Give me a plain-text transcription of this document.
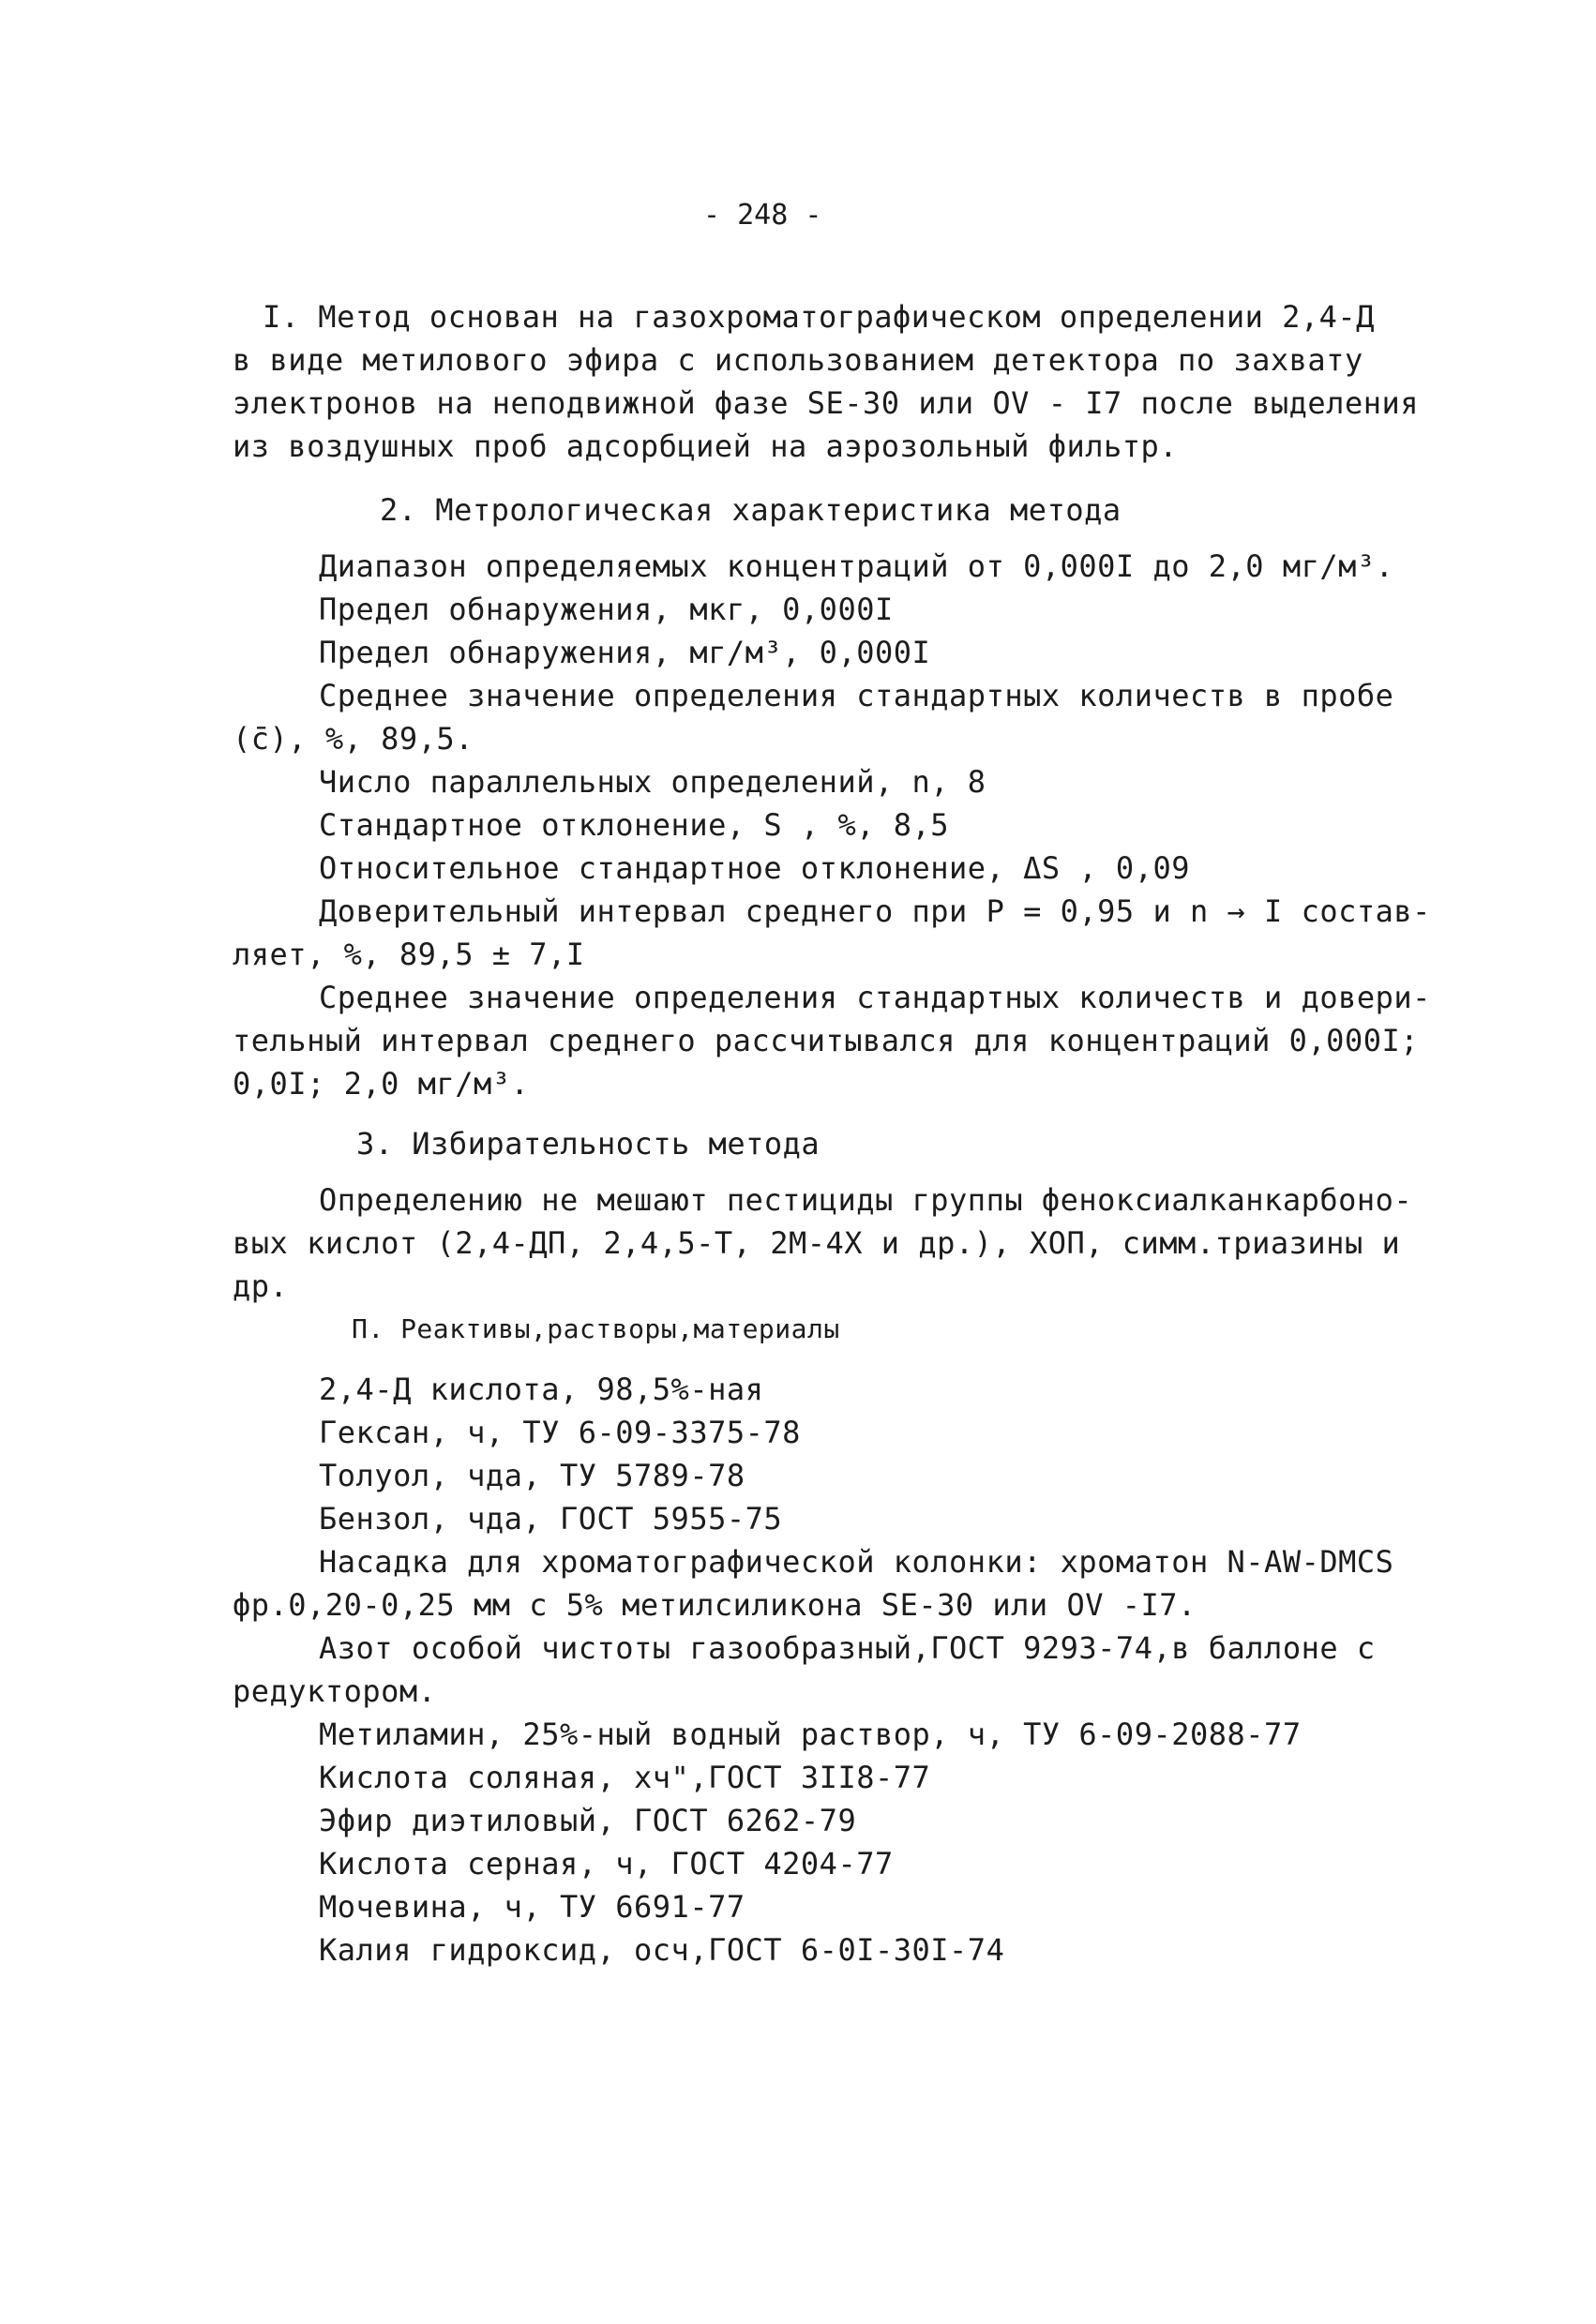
- 248 -
I. Метод основан на газохроматографическом определении 2,4-Д
в виде метилового эфира с использованием детектора по захвату
электронов на неподвижной фазе SE-30 или OV - I7 после выделения
из воздушных проб адсорбцией на аэрозольный фильтр.
2. Метрологическая характеристика метода
Диапазон определяемых концентраций от 0,000I до 2,0 мг/м³.
Предел обнаружения, мкг, 0,000I
Предел обнаружения, мг/м³, 0,000I
Среднее значение определения стандартных количеств в пробе
(c̄), %, 89,5.
Число параллельных определений, n, 8
Стандартное отклонение, S , %, 8,5
Относительное стандартное отклонение, ΔS , 0,09
Доверительный интервал среднего при P = 0,95 и n → I состав-
ляет, %, 89,5 ± 7,I
Среднее значение определения стандартных количеств и довери-
тельный интервал среднего рассчитывался для концентраций 0,000I;
0,0I; 2,0 мг/м³.
3. Избирательность метода
Определению не мешают пестициды группы феноксиалканкарбоно-
вых кислот (2,4-ДП, 2,4,5-Т, 2М-4Х и др.), ХОП, симм.триазины и
др.
П. Реактивы,растворы,материалы
2,4-Д кислота, 98,5%-ная
Гексан, ч, ТУ 6-09-3375-78
Толуол, чда, ТУ 5789-78
Бензол, чда, ГОСТ 5955-75
Насадка для хроматографической колонки: хроматон N-AW-DMCS
фр.0,20-0,25 мм с 5% метилсиликона SE-30 или OV -I7.
Азот особой чистоты газообразный,ГОСТ 9293-74,в баллоне с
редуктором.
Метиламин, 25%-ный водный раствор, ч, ТУ 6-09-2088-77
Кислота соляная, хч",ГОСТ 3II8-77
Эфир диэтиловый, ГОСТ 6262-79
Кислота серная, ч, ГОСТ 4204-77
Мочевина, ч, ТУ 6691-77
Калия гидроксид, осч,ГОСТ 6-0I-30I-74
